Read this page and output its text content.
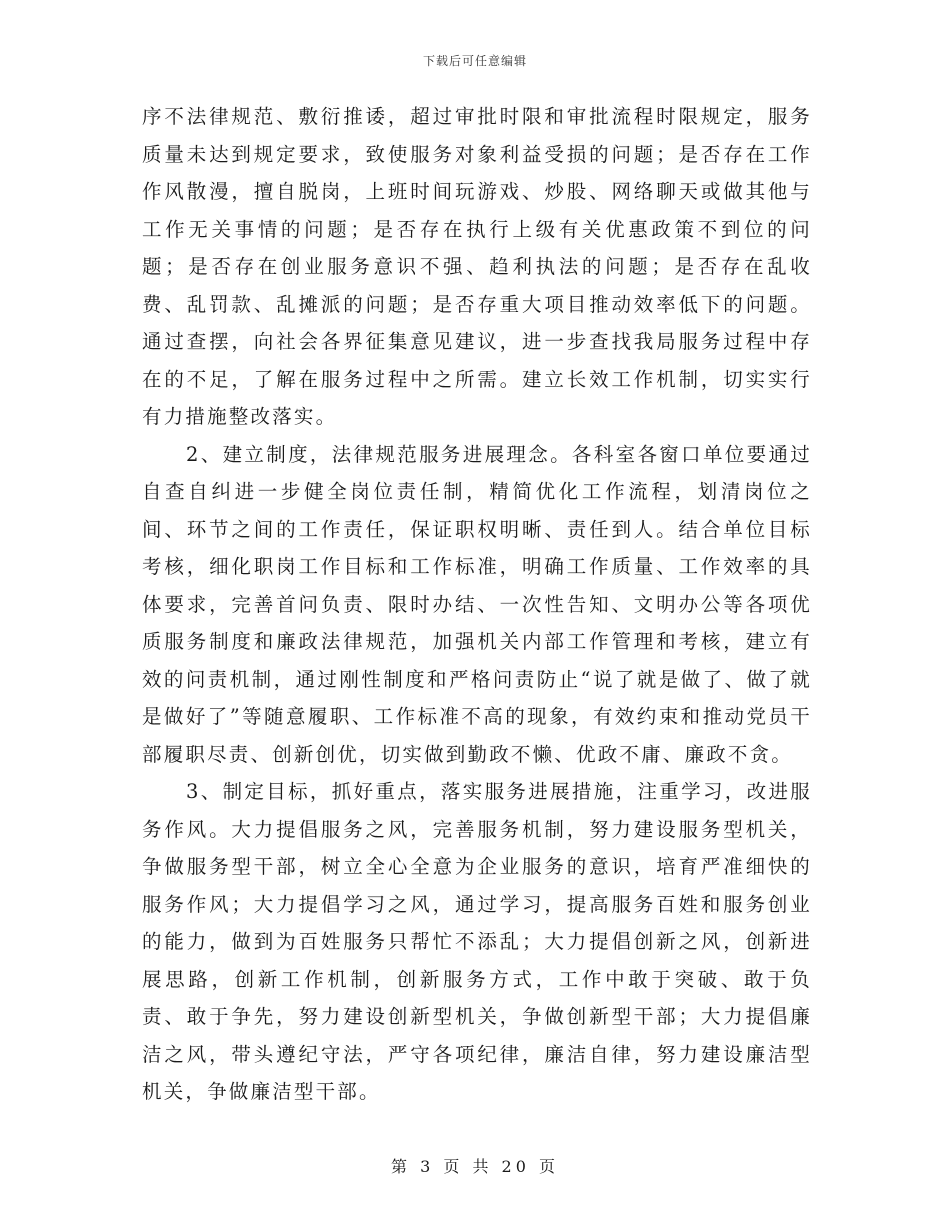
下载后可任意编辑

序不法律规范、敷衍推诿，超过审批时限和审批流程时限规定，服务质量未达到规定要求，致使服务对象利益受损的问题；是否存在工作作风散漫，擅自脱岗，上班时间玩游戏、炒股、网络聊天或做其他与工作无关事情的问题；是否存在执行上级有关优惠政策不到位的问题；是否存在创业服务意识不强、趋利执法的问题；是否存在乱收费、乱罚款、乱摊派的问题；是否存重大项目推动效率低下的问题。通过查摆，向社会各界征集意见建议，进一步查找我局服务过程中存在的不足，了解在服务过程中之所需。建立长效工作机制，切实实行有力措施整改落实。

2、建立制度，法律规范服务进展理念。各科室各窗口单位要通过自查自纠进一步健全岗位责任制，精简优化工作流程，划清岗位之间、环节之间的工作责任，保证职权明晰、责任到人。结合单位目标考核，细化职岗工作目标和工作标准，明确工作质量、工作效率的具体要求，完善首问负责、限时办结、一次性告知、文明办公等各项优质服务制度和廉政法律规范，加强机关内部工作管理和考核，建立有效的问责机制，通过刚性制度和严格问责防止“说了就是做了、做了就是做好了”等随意履职、工作标准不高的现象，有效约束和推动党员干部履职尽责、创新创优，切实做到勤政不懒、优政不庸、廉政不贪。

3、制定目标，抓好重点，落实服务进展措施，注重学习，改进服务作风。大力提倡服务之风，完善服务机制，努力建设服务型机关，争做服务型干部，树立全心全意为企业服务的意识，培育严准细快的服务作风；大力提倡学习之风，通过学习，提高服务百姓和服务创业的能力，做到为百姓服务只帮忙不添乱；大力提倡创新之风，创新进展思路，创新工作机制，创新服务方式，工作中敢于突破、敢于负责、敢于争先，努力建设创新型机关，争做创新型干部；大力提倡廉洁之风，带头遵纪守法，严守各项纪律，廉洁自律，努力建设廉洁型机关，争做廉洁型干部。

第 3 页 共 20 页
